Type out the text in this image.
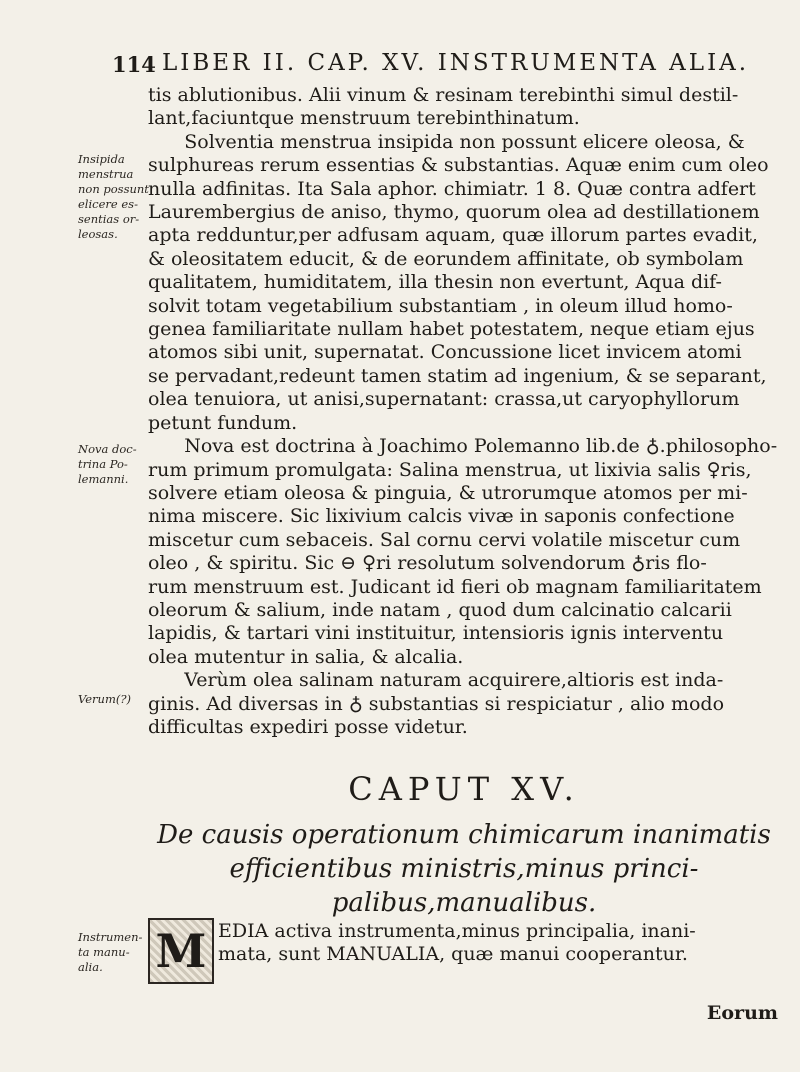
114 LIBER II. CAP. XV. INSTRUMENTA ALIA.
Insipida
menstrua
non possunt
elicere es-
sentias or-
leosas.
Nova doc-
trina Po-
lemanni.
Verum(?)
tis ablutionibus. Alii vinum & resinam terebinthi simul destil-
lant,faciuntque menstruum terebinthinatum.
Solventia menstrua insipida non possunt elicere oleosa, &
sulphureas rerum essentias & substantias. Aquæ enim cum oleo
nulla adfinitas. Ita Sala aphor. chimiatr. 1 8. Quæ contra adfert
Laurembergius de aniso, thymo, quorum olea ad destillationem
apta redduntur,per adfusam aquam, quæ illorum partes evadit,
& oleositatem educit, & de eorundem affinitate, ob symbolam
qualitatem, humiditatem, illa thesin non evertunt, Aqua dif-
solvit totam vegetabilium substantiam , in oleum illud homo-
genea familiaritate nullam habet potestatem, neque etiam ejus
atomos sibi unit, supernatat. Concussione licet invicem atomi
se pervadant,redeunt tamen statim ad ingenium, & se separant,
olea tenuiora, ut anisi,supernatant: crassa,ut caryophyllorum
petunt fundum.
Nova est doctrina à Joachimo Polemanno lib.de ♁.philosopho-
rum primum promulgata: Salina menstrua, ut lixivia salis ♀ris,
solvere etiam oleosa & pinguia, & utrorumque atomos per mi-
nima miscere. Sic lixivium calcis vivæ in saponis confectione
miscetur cum sebaceis. Sal cornu cervi volatile miscetur cum
oleo , & spiritu. Sic ⊖ ♀ri resolutum solvendorum ♁ris flo-
rum menstruum est. Judicant id fieri ob magnam familiaritatem
oleorum & salium, inde natam , quod dum calcinatio calcarii
lapidis, & tartari vini instituitur, intensioris ignis interventu
olea mutentur in salia, & alcalia.
Verùm olea salinam naturam acquirere,altioris est inda-
ginis. Ad diversas in ♁ substantias si respiciatur , alio modo
difficultas expediri posse videtur.

CAPUT XV.

De causis operationum chimicarum inanimatis
efficientibus ministris,minus princi-
palibus,manualibus.

Instrumen-
ta manu-
alia.	M EDIA activa instrumenta,minus principalia, inani-
mata, sunt MANUALIA, quæ manui cooperantur.
Eorum
